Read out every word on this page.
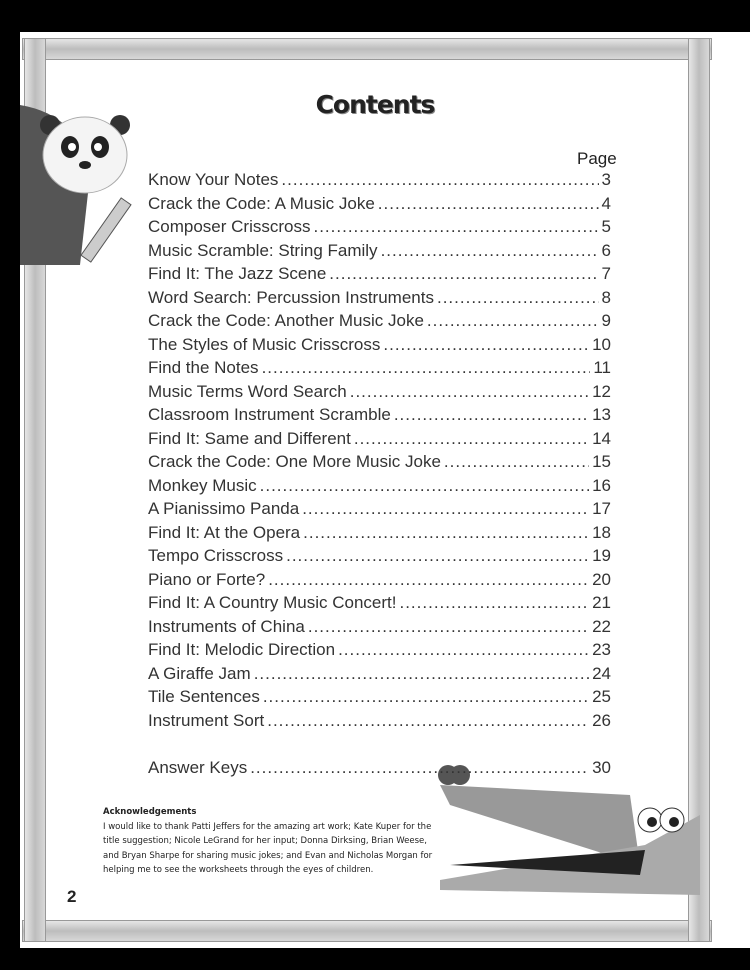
Contents
Page
Know Your Notes .....	3
Crack the Code: A Music Joke .....	4
Composer Crisscross .....	5
Music Scramble: String Family .....	6
Find It: The Jazz Scene .....	7
Word Search: Percussion Instruments .....	8
Crack the Code: Another Music Joke .....	9
The Styles of Music Crisscross .....	10
Find the Notes .....	11
Music Terms Word Search .....	12
Classroom Instrument Scramble .....	13
Find It: Same and Different .....	14
Crack the Code: One More Music Joke .....	15
Monkey Music .....	16
A Pianissimo Panda .....	17
Find It: At the Opera .....	18
Tempo Crisscross .....	19
Piano or Forte? .....	20
Find It: A Country Music Concert! .....	21
Instruments of China .....	22
Find It: Melodic Direction .....	23
A Giraffe Jam .....	24
Tile Sentences .....	25
Instrument Sort .....	26
Answer Keys .....	30
Acknowledgements
I would like to thank Patti Jeffers for the amazing art work; Kate Kuper for the title suggestion; Nicole LeGrand for her input; Donna Dirksing, Brian Weese, and Bryan Sharpe for sharing music jokes; and Evan and Nicholas Morgan for helping me to see the worksheets through the eyes of children.
2
